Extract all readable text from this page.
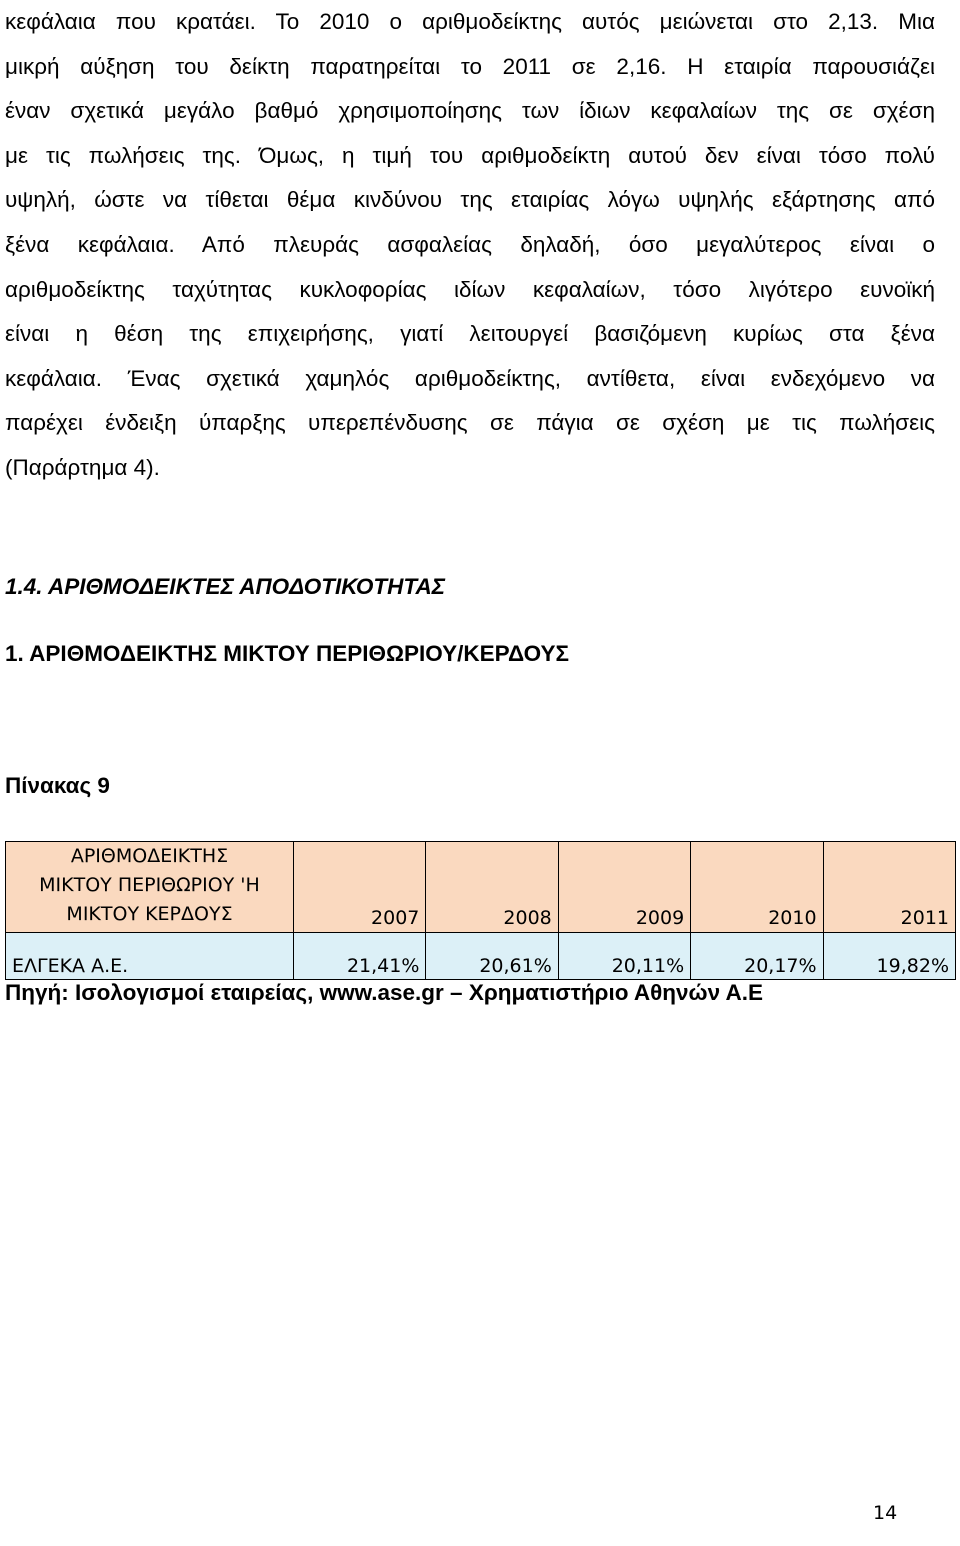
κεφάλαια που κρατάει. Το 2010 ο αριθμοδείκτης αυτός μειώνεται στο 2,13. Μια
μικρή αύξηση του δείκτη παρατηρείται το 2011 σε 2,16. Η εταιρία παρουσιάζει
έναν σχετικά μεγάλο βαθμό χρησιμοποίησης των ίδιων κεφαλαίων της σε σχέση
με τις πωλήσεις της. Όμως, η τιμή του αριθμοδείκτη αυτού δεν είναι τόσο πολύ
υψηλή, ώστε να τίθεται θέμα κινδύνου της εταιρίας λόγω υψηλής εξάρτησης από
ξένα κεφάλαια. Από πλευράς ασφαλείας δηλαδή, όσο μεγαλύτερος είναι ο
αριθμοδείκτης ταχύτητας κυκλοφορίας ιδίων κεφαλαίων, τόσο λιγότερο ευνοϊκή
είναι η θέση της επιχειρήσης, γιατί λειτουργεί βασιζόμενη κυρίως στα ξένα
κεφάλαια. Ένας σχετικά χαμηλός αριθμοδείκτης, αντίθετα, είναι ενδεχόμενο να
παρέχει ένδειξη ύπαρξης υπερεπένδυσης σε πάγια σε σχέση με τις πωλήσεις
(Παράρτημα 4).
1.4. ΑΡΙΘΜΟΔΕΙΚΤΕΣ ΑΠΟΔΟΤΙΚΟΤΗΤΑΣ
1. ΑΡΙΘΜΟΔΕΙΚΤΗΣ ΜΙΚΤΟΥ ΠΕΡΙΘΩΡΙΟΥ/ΚΕΡΔΟΥΣ
Πίνακας 9
ΑΡΙΘΜΟΔΕΙΚΤΗΣ
ΜΙΚΤΟΥ ΠΕΡΙΘΩΡΙΟΥ 'Η
ΜΙΚΤΟΥ ΚΕΡΔΟΥΣ	2007	2008	2009	2010	2011
ΕΛΓΕΚΑ Α.Ε.	21,41%	20,61%	20,11%	20,17%	19,82%

Πηγή: Ισολογισμοί εταιρείας, www.ase.gr – Χρηματιστήριο Αθηνών Α.Ε

14
